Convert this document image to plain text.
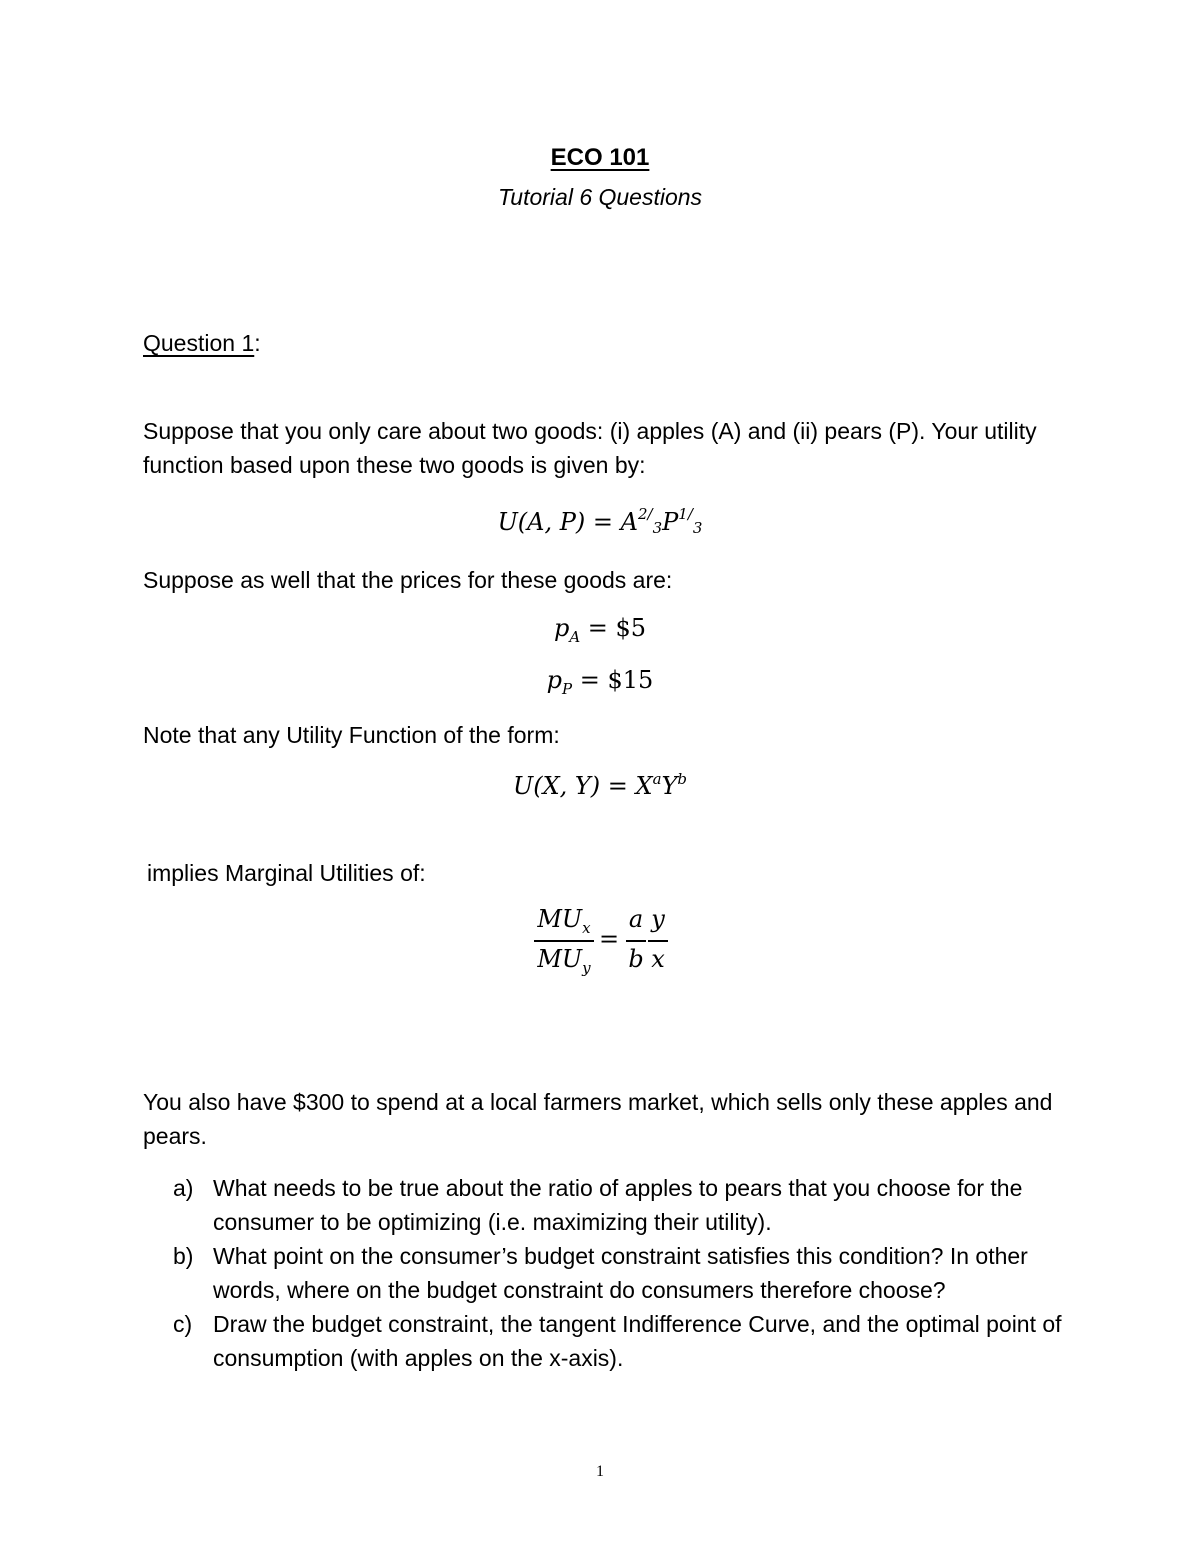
ECO 101

Tutorial 6 Questions

Question 1:

Suppose that you only care about two goods: (i) apples (A) and (ii) pears (P). Your utility function based upon these two goods is given by:

U(A, $P) = A^{2/3}P^{1/3}$

Suppose as well that the prices for these goods are:

$p_A$ = $5

$p_P$ = $15

Note that any Utility Function of the form:

U(X, $Y) = X^aY^b$

implies Marginal Utilities of:

$MU_x$
$MU_y$
=
a
b
y
x

You also have $300 to spend at a local farmers market, which sells only these apples and pears.

a) What needs to be true about the ratio of apples to pears that you choose for the consumer to be optimizing (i.e. maximizing their utility).
b) What point on the consumer’s budget constraint satisfies this condition? In other words, where on the budget constraint do consumers therefore choose?
c) Draw the budget constraint, the tangent Indifference Curve, and the optimal point of consumption (with apples on the x-axis).
1
